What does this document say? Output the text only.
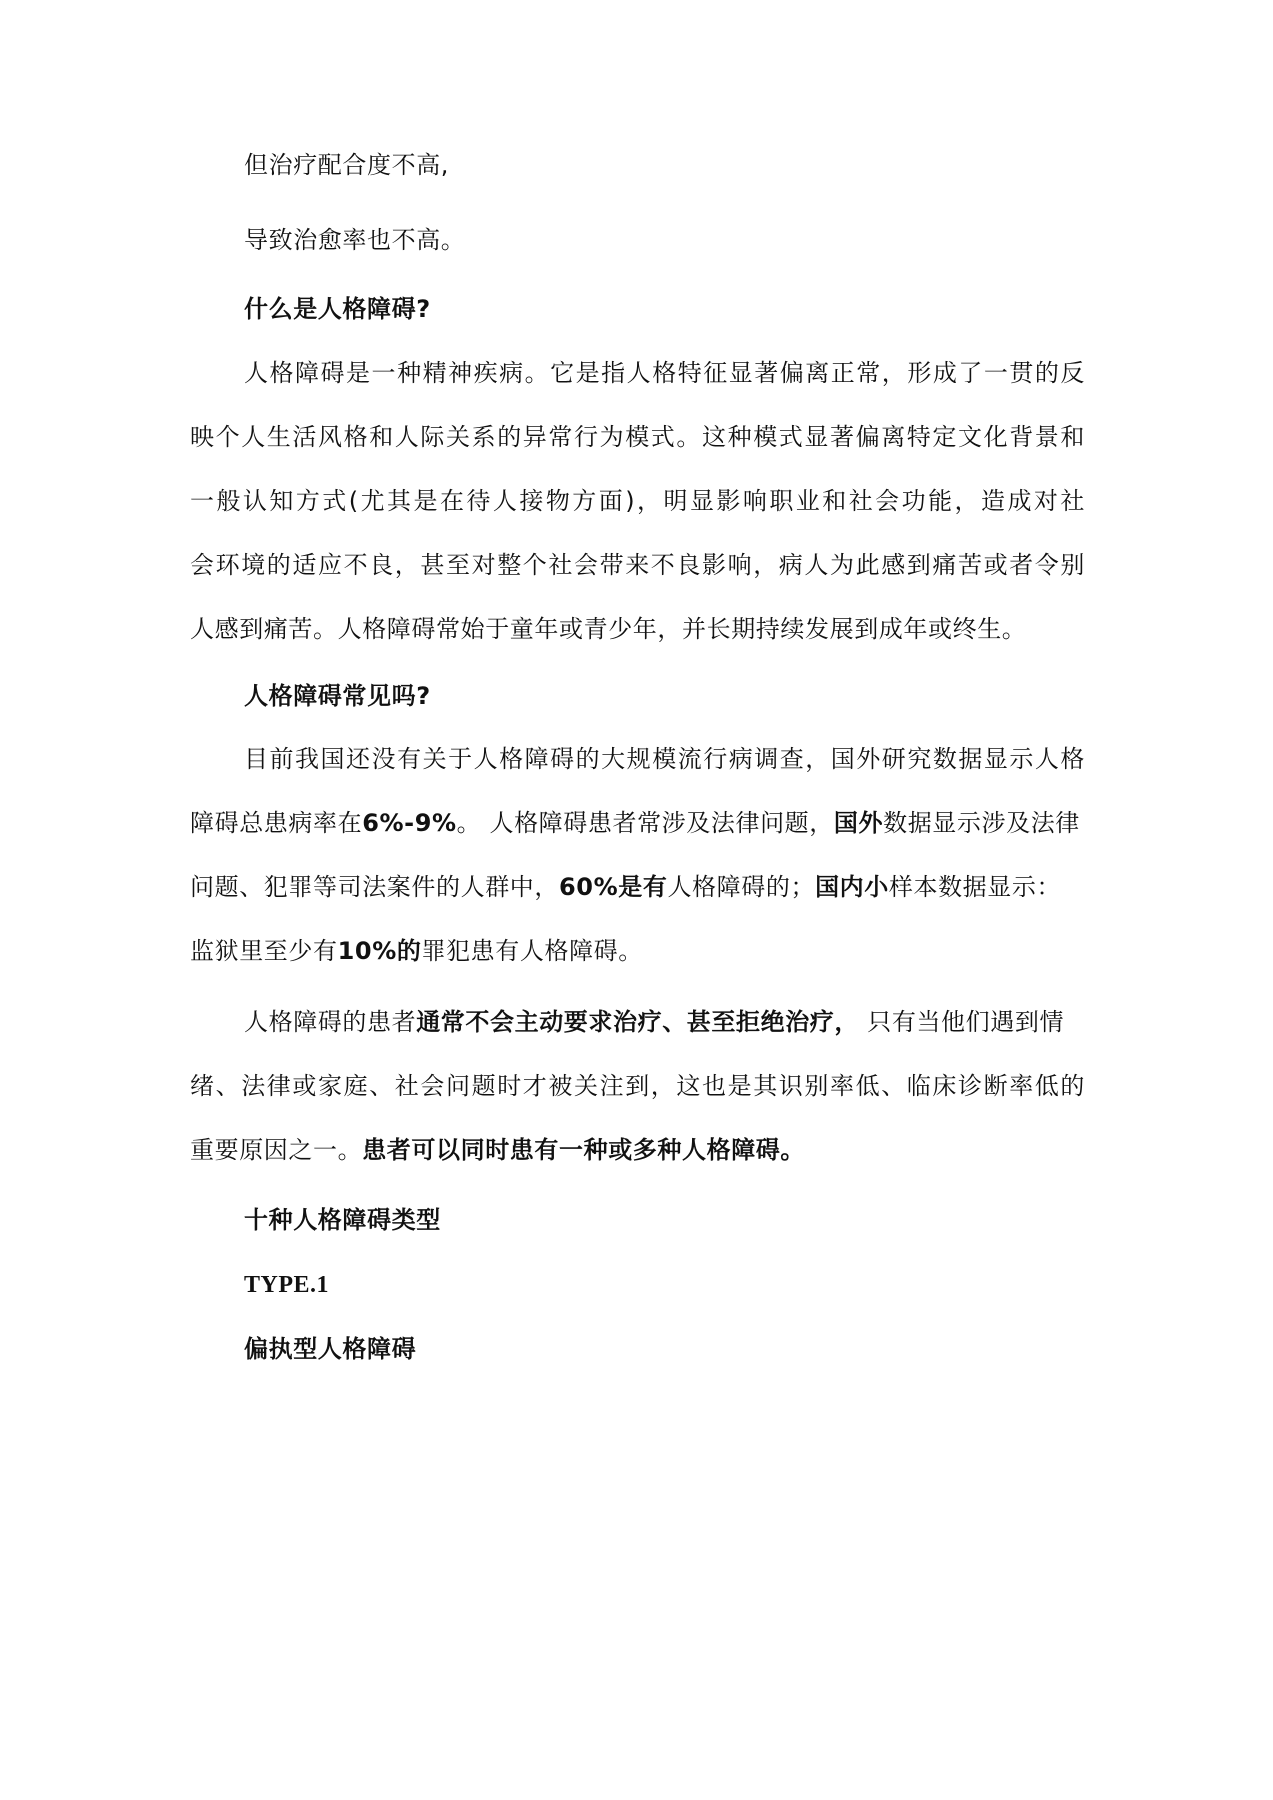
但治疗配合度不高,
导致治愈率也不高。
什么是人格障碍?
人格障碍是一种精神疾病。它是指人格特征显著偏离正常，形成了一贯的反
映个人生活风格和人际关系的异常行为模式。这种模式显著偏离特定文化背景和
一般认知方式(尤其是在待人接物方面)，明显影响职业和社会功能，造成对社
会环境的适应不良，甚至对整个社会带来不良影响，病人为此感到痛苦或者令别
人感到痛苦。人格障碍常始于童年或青少年，并长期持续发展到成年或终生。
人格障碍常见吗?
目前我国还没有关于人格障碍的大规模流行病调查，国外研究数据显示人格
障碍总患病率在6%-9%。 人格障碍患者常涉及法律问题，国外数据显示涉及法律
问题、犯罪等司法案件的人群中，60%是有人格障碍的；国内小样本数据显示：
监狱里至少有10%的罪犯患有人格障碍。
人格障碍的患者通常不会主动要求治疗、甚至拒绝治疗， 只有当他们遇到情
绪、法律或家庭、社会问题时才被关注到，这也是其识别率低、临床诊断率低的
重要原因之一。患者可以同时患有一种或多种人格障碍。
十种人格障碍类型
TYPE.1
偏执型人格障碍
